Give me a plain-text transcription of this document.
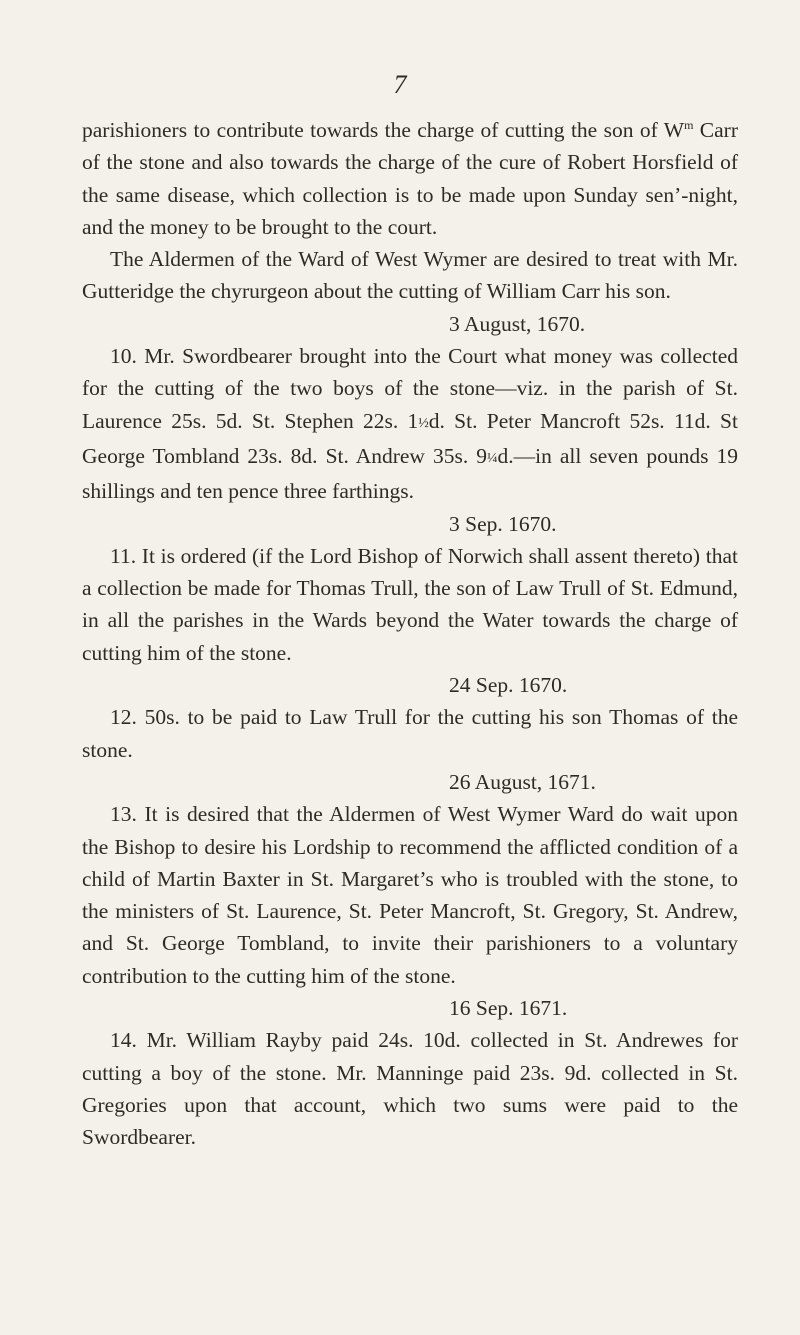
7

parishioners to contribute towards the charge of cutting the son of $W^m$ Carr of the stone and also towards the charge of the cure of Robert Horsfield of the same disease, which collection is to be made upon Sunday sen’-night, and the money to be brought to the court.

The Aldermen of the Ward of West Wymer are desired to treat with Mr. Gutteridge the chyrurgeon about the cutting of William Carr his son.

3 August, 1670.

10. Mr. Swordbearer brought into the Court what money was collected for the cutting of the two boys of the stone—viz. in the parish of St. Laurence 25s. 5d. St. Stephen 22s. 1½d. St. Peter Mancroft 52s. 11d. St George Tombland 23s. 8d. St. Andrew 35s. 9¼d.—in all seven pounds 19 shillings and ten pence three farthings.

3 Sep. 1670.

11. It is ordered (if the Lord Bishop of Norwich shall assent thereto) that a collection be made for Thomas Trull, the son of Law Trull of St. Edmund, in all the parishes in the Wards beyond the Water towards the charge of cutting him of the stone.

24 Sep. 1670.

12. 50s. to be paid to Law Trull for the cutting his son Thomas of the stone.

26 August, 1671.

13. It is desired that the Aldermen of West Wymer Ward do wait upon the Bishop to desire his Lordship to recommend the afflicted condition of a child of Martin Baxter in St. Margaret’s who is troubled with the stone, to the ministers of St. Laurence, St. Peter Mancroft, St. Gregory, St. Andrew, and St. George Tombland, to invite their parishioners to a voluntary contribution to the cutting him of the stone.

16 Sep. 1671.

14. Mr. William Rayby paid 24s. 10d. collected in St. Andrewes for cutting a boy of the stone. Mr. Manninge paid 23s. 9d. collected in St. Gregories upon that account, which two sums were paid to the Swordbearer.
